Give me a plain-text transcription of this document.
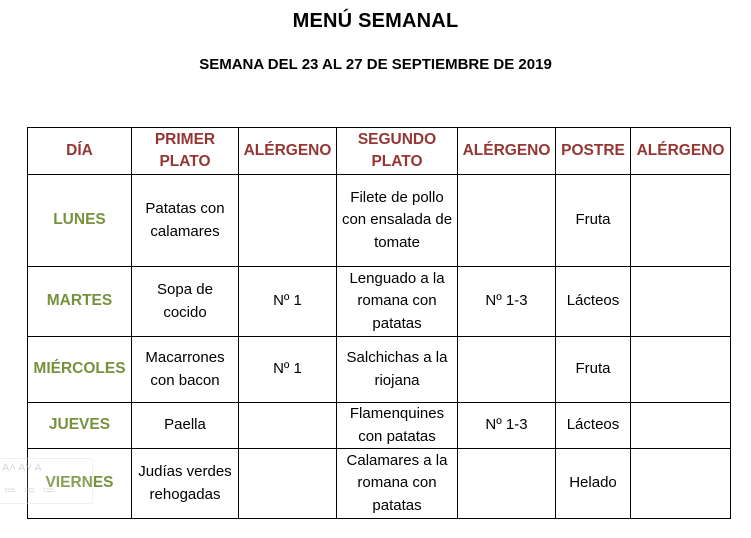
MENÚ SEMANAL
SEMANA DEL 23 AL 27 DE SEPTIEMBRE DE 2019
DÍA	PRIMER PLATO	ALÉRGENO	SEGUNDO PLATO	ALÉRGENO	POSTRE	ALÉRGENO
LUNES	Patatas con calamares		Filete de pollo con ensalada de tomate		Fruta	
MARTES	Sopa de cocido	Nº 1	Lenguado a la romana con patatas	Nº 1-3	Lácteos	
MIÉRCOLES	Macarrones con bacon	Nº 1	Salchichas a la riojana		Fruta	
JUEVES	Paella		Flamenquines con patatas	Nº 1-3	Lácteos	
VIERNES	Judías verdes rehogadas		Calamares a la romana con patatas		Helado	
A˄ A˅ A
≔ ≔ ≔
